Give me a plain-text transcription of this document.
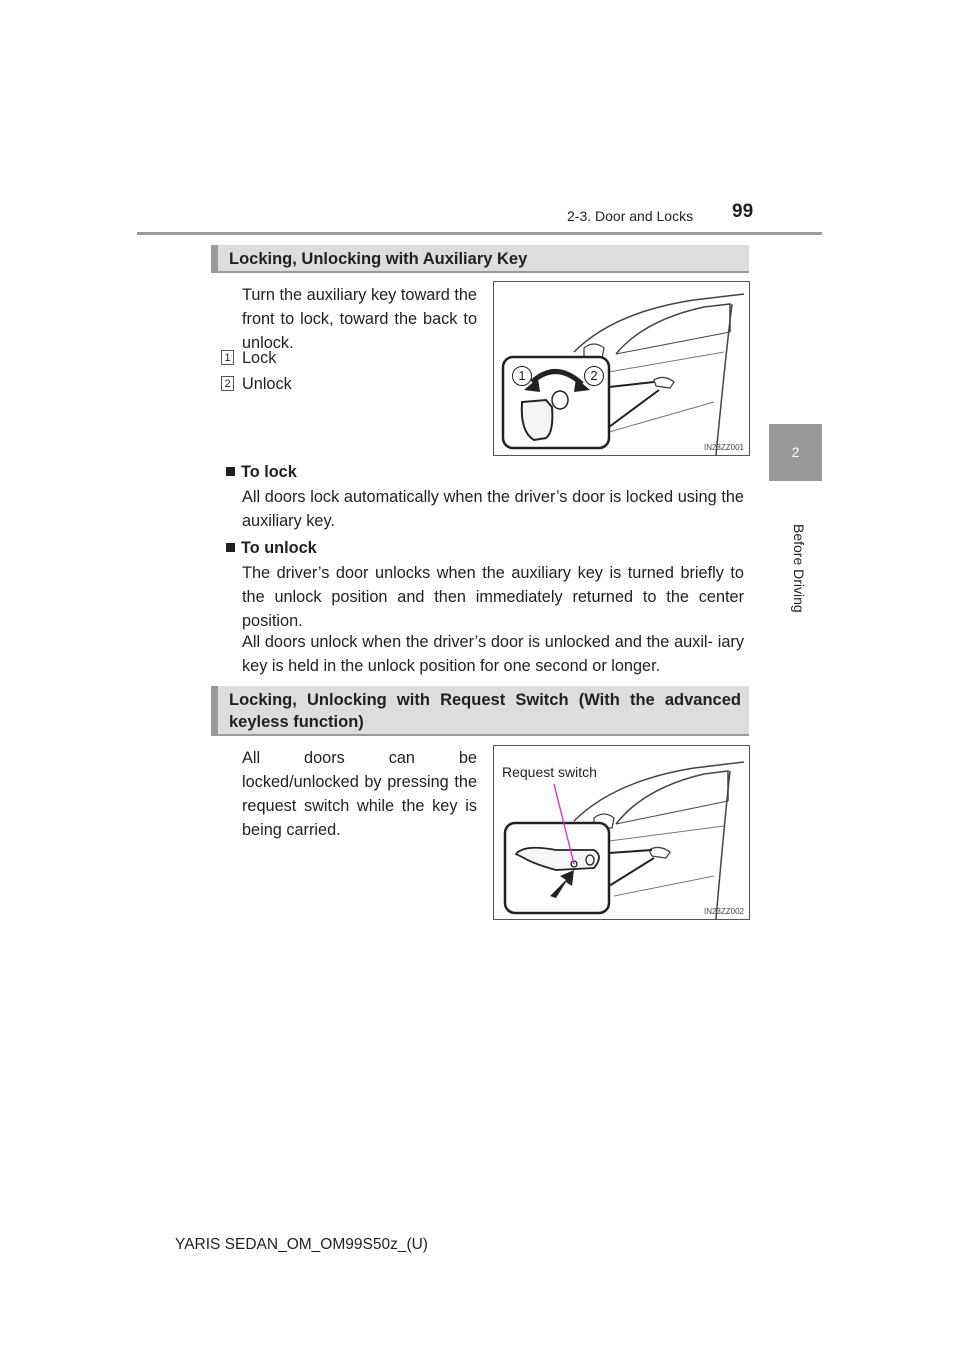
2-3. Door and Locks 99
2
Before Driving
Locking, Unlocking with Auxiliary Key
Turn the auxiliary key toward the front to lock, toward the back to unlock.
1 Lock
2 Unlock	1	2
IN23ZZ001
To lock
All doors lock automatically when the driver’s door is locked using the auxiliary key.
To unlock
The driver’s door unlocks when the auxiliary key is turned briefly to the unlock position and then immediately returned to the center position.
All doors unlock when the driver’s door is unlocked and the auxil- iary key is held in the unlock position for one second or longer.
Locking, Unlocking with Request Switch (With the advanced
keyless function)
All doors can be locked/unlocked by pressing the request switch while the key is being carried.
Request switch
IN23ZZ002
YARIS SEDAN_OM_OM99S50z_(U)
